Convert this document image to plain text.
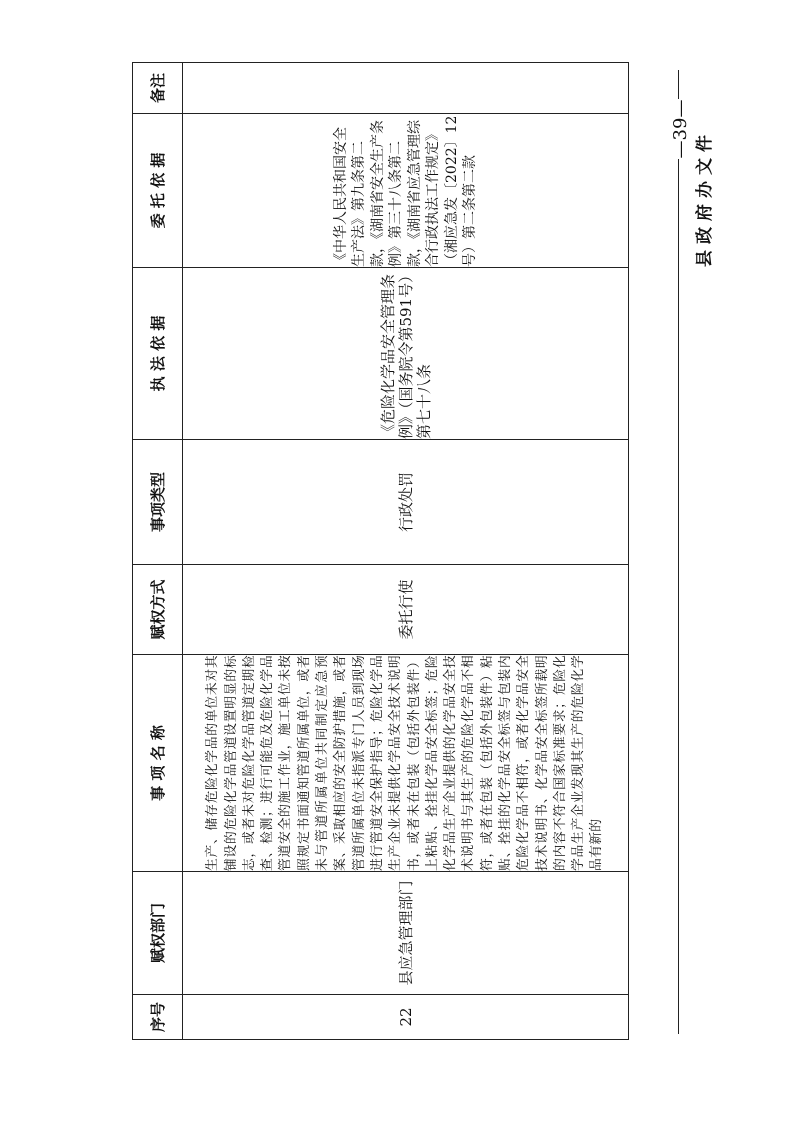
序号	赋权部门	事 项 名 称	赋权方式	事项类型	执 法 依 据	委 托 依 据	备注
22	县应急管理部门	生产、储存危险化学品的单位未对其铺设的危险化学品管道设置明显的标志，或者未对危险化学品管道定期检查、检测；进行可能危及危险化学品管道安全的施工作业，施工单位未按照规定书面通知管道所属单位，或者未与管道所属单位共同制定应急预案、采取相应的安全防护措施，或者管道所属单位未指派专门人员到现场进行管道安全保护指导；危险化学品生产企业未提供化学品安全技术说明书，或者未在包装（包括外包装件）上粘贴、拴挂化学品安全标签；危险化学品生产企业提供的化学品安全技术说明书与其生产的危险化学品不相符，或者在包装（包括外包装件）粘贴、拴挂的化学品安全标签与包装内危险化学品不相符，或者化学品安全技术说明书、化学品安全标签所载明的内容不符合国家标准要求；危险化学品生产企业发现其生产的危险化学品有新的	委托行使	行政处罚	《危险化学品安全管理条例》（国务院令第591号）第七十八条	《中华人民共和国安全生产法》第九条第二款，《湖南省安全生产条例》第三十八条第二款，《湖南省应急管理综合行政执法工作规定》（湘应急发〔2022〕12号）第二条第二款		县政府办文件
—39—
